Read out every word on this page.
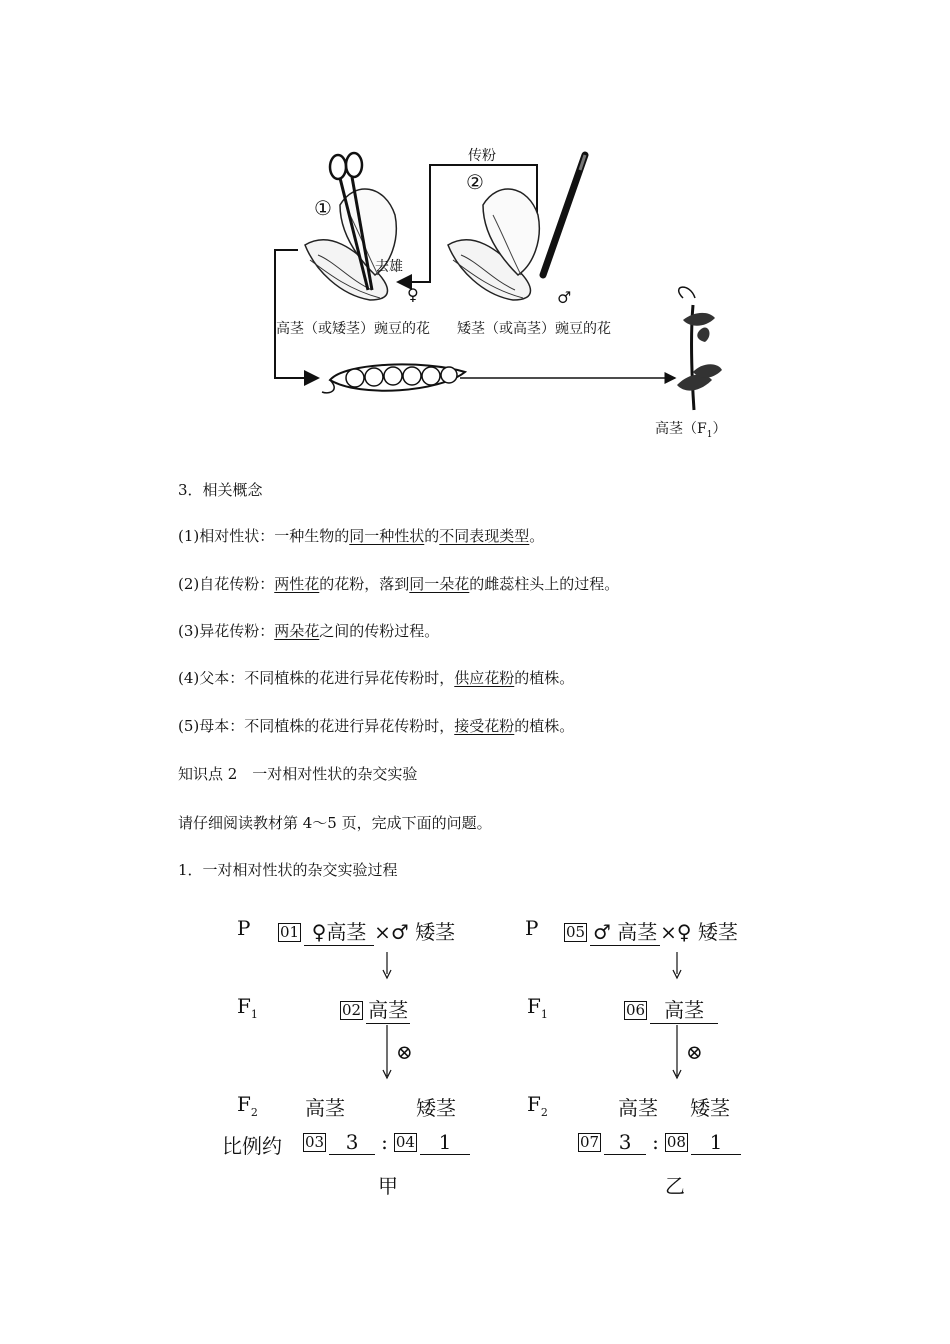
传粉
①
②
去雄
♀	♂
高茎（或矮茎）豌豆的花 矮茎（或高茎）豌豆的花
高茎$(F_1)$
3．相关概念
(1)相对性状：一种生物的同一种性状的不同表现类型。
(2)自花传粉：两性花的花粉，落到同一朵花的雌蕊柱头上的过程。
(3)异花传粉：两朵花之间的传粉过程。
(4)父本：不同植株的花进行异花传粉时，供应花粉的植株。
(5)母本：不同植株的花进行异花传粉时，接受花粉的植株。
知识点 2　一对相对性状的杂交实验
请仔细阅读教材第 4～5 页，完成下面的问题。
1．一对相对性状的杂交实验过程
P 01 ♀高茎 ×♂ 矮茎
$F_1$	02 高茎
⊗
$F_2$ 高茎	矮茎
比例约 03 3 : 04 1
甲
P 05 ♂ 高茎 ×♀ 矮茎
$F_1$	06 高茎
⊗
$F_2$	高茎 矮茎
07 3 : 08 1
乙
